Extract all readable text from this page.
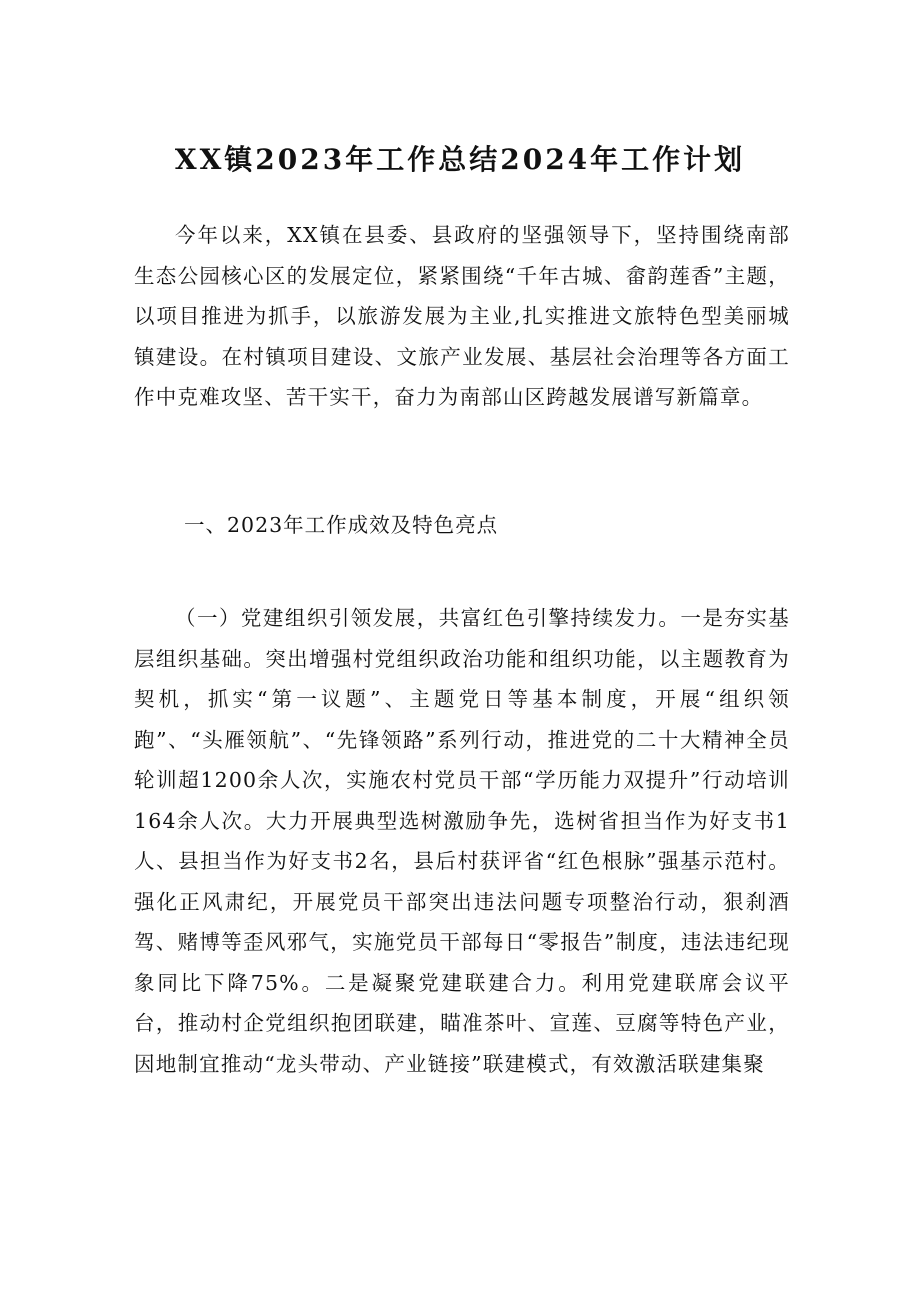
XX镇2023年工作总结2024年工作计划

今年以来，XX镇在县委、县政府的坚强领导下，坚持围绕南部生态公园核心区的发展定位，紧紧围绕“千年古城、畲韵莲香”主题，以项目推进为抓手，以旅游发展为主业,扎实推进文旅特色型美丽城镇建设。在村镇项目建设、文旅产业发展、基层社会治理等各方面工作中克难攻坚、苦干实干，奋力为南部山区跨越发展谱写新篇章。

一、2023年工作成效及特色亮点

（一）党建组织引领发展，共富红色引擎持续发力。一是夯实基层组织基础。突出增强村党组织政治功能和组织功能，以主题教育为契机，抓实“第一议题”、主题党日等基本制度，开展“组织领跑”、“头雁领航”、“先锋领路”系列行动，推进党的二十大精神全员轮训超1200余人次，实施农村党员干部“学历能力双提升”行动培训164余人次。大力开展典型选树激励争先，选树省担当作为好支书1人、县担当作为好支书2名，县后村获评省“红色根脉”强基示范村。强化正风肃纪，开展党员干部突出违法问题专项整治行动，狠刹酒驾、赌博等歪风邪气，实施党员干部每日“零报告”制度，违法违纪现象同比下降75%。二是凝聚党建联建合力。利用党建联席会议平台，推动村企党组织抱团联建，瞄准茶叶、宣莲、豆腐等特色产业，因地制宜推动“龙头带动、产业链接”联建模式，有效激活联建集聚
